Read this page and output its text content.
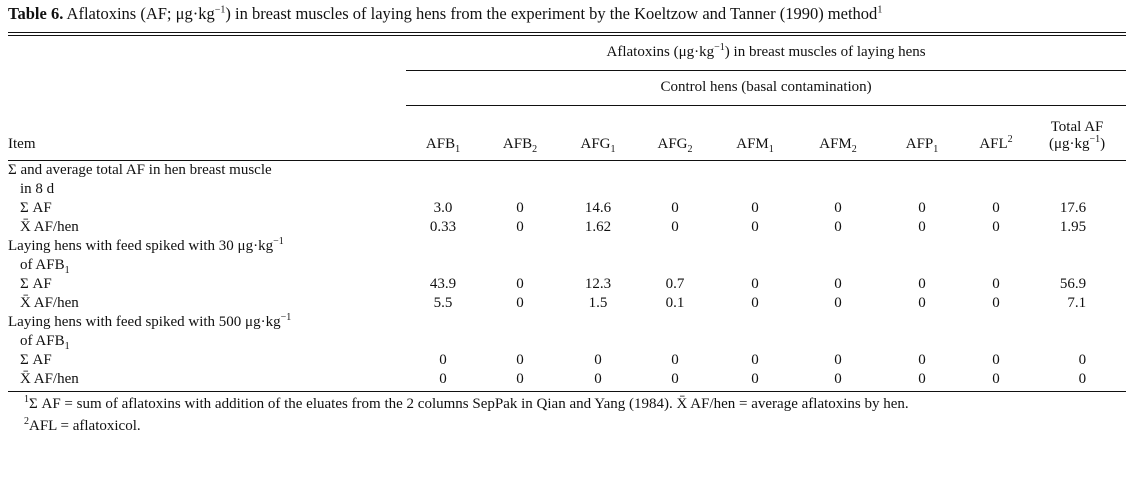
Table 6. Aflatoxins (AF; $\mu g\cdot kg^{-1}$) in breast muscles of laying hens from the experiment by the Koeltzow and Tanner (1990) method$^1$
	Aflatoxins $(\mu g\cdot kg^{-1})$ in breast muscles of laying hens								
	Control hens (basal contamination)								
Item	$AFB_1$	$AFB_2$	$AFG_1$	$AFG_2$	$AFM_1$	$AFM_2$	$AFP_1$	AFL$^2$	Total AF
$(\mu g\cdot kg^{-1})$
Σ and average total AF in hen breast muscle									
in 8 d									
Σ AF	3.0	0	14.6	0	0	0	0	0	17.6
X̄ AF/hen	0.33	0	1.62	0	0	0	0	0	1.95
Laying hens with feed spiked with 30 $\mu g\cdot kg^{-1}$
of $AFB_1$
Σ AF	43.9	0	12.3	0.7	0	0	0	0	56.9
X̄ AF/hen	5.5	0	1.5	0.1	0	0	0	0	7.1
Laying hens with feed spiked with 500 $\mu g\cdot kg^{-1}$
of $AFB_1$
Σ AF	0	0	0	0	0	0	0	0	0
X̄ AF/hen	0	0	0	0	0	0	0	0	0

$^1$Σ AF = sum of aflatoxins with addition of the eluates from the 2 columns SepPak in Qian and Yang (1984). X̄ AF/hen = average aflatoxins by hen.

$^2$AFL = aflatoxicol.
